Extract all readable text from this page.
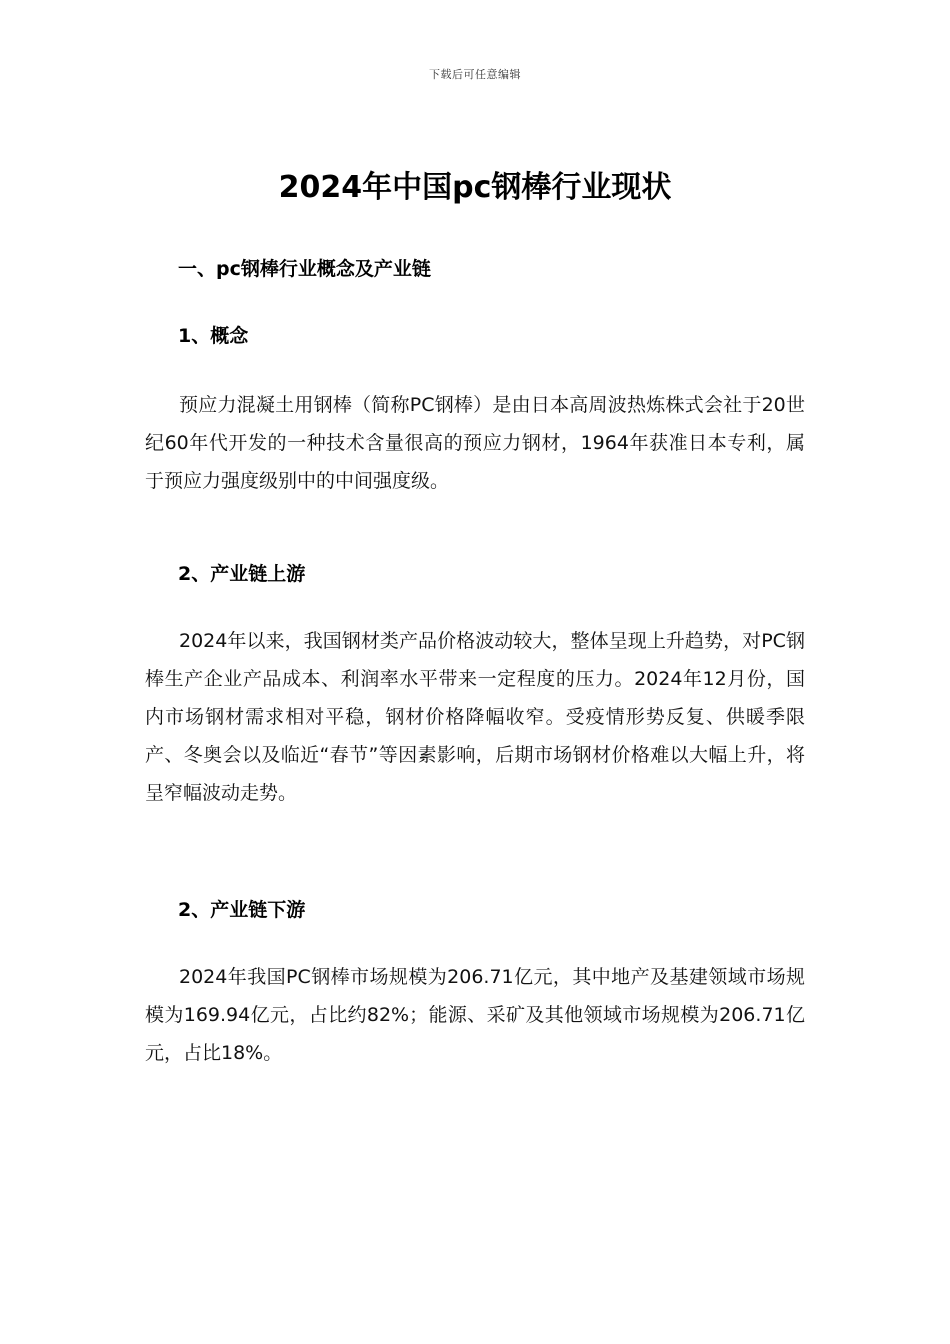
下载后可任意编辑
2024年中国pc钢棒行业现状
一、pc钢棒行业概念及产业链
1、概念

预应力混凝土用钢棒（简称PC钢棒）是由日本高周波热炼株式会社于20世纪60年代开发的一种技术含量很高的预应力钢材，1964年获准日本专利，属于预应力强度级别中的中间强度级。

2、产业链上游

2024年以来，我国钢材类产品价格波动较大，整体呈现上升趋势，对PC钢棒生产企业产品成本、利润率水平带来一定程度的压力。2024年12月份，国内市场钢材需求相对平稳，钢材价格降幅收窄。受疫情形势反复、供暖季限产、冬奥会以及临近“春节”等因素影响，后期市场钢材价格难以大幅上升，将呈窄幅波动走势。

2、产业链下游

2024年我国PC钢棒市场规模为206.71亿元，其中地产及基建领域市场规模为169.94亿元，占比约82%；能源、采矿及其他领域市场规模为206.71亿元，占比18%。
